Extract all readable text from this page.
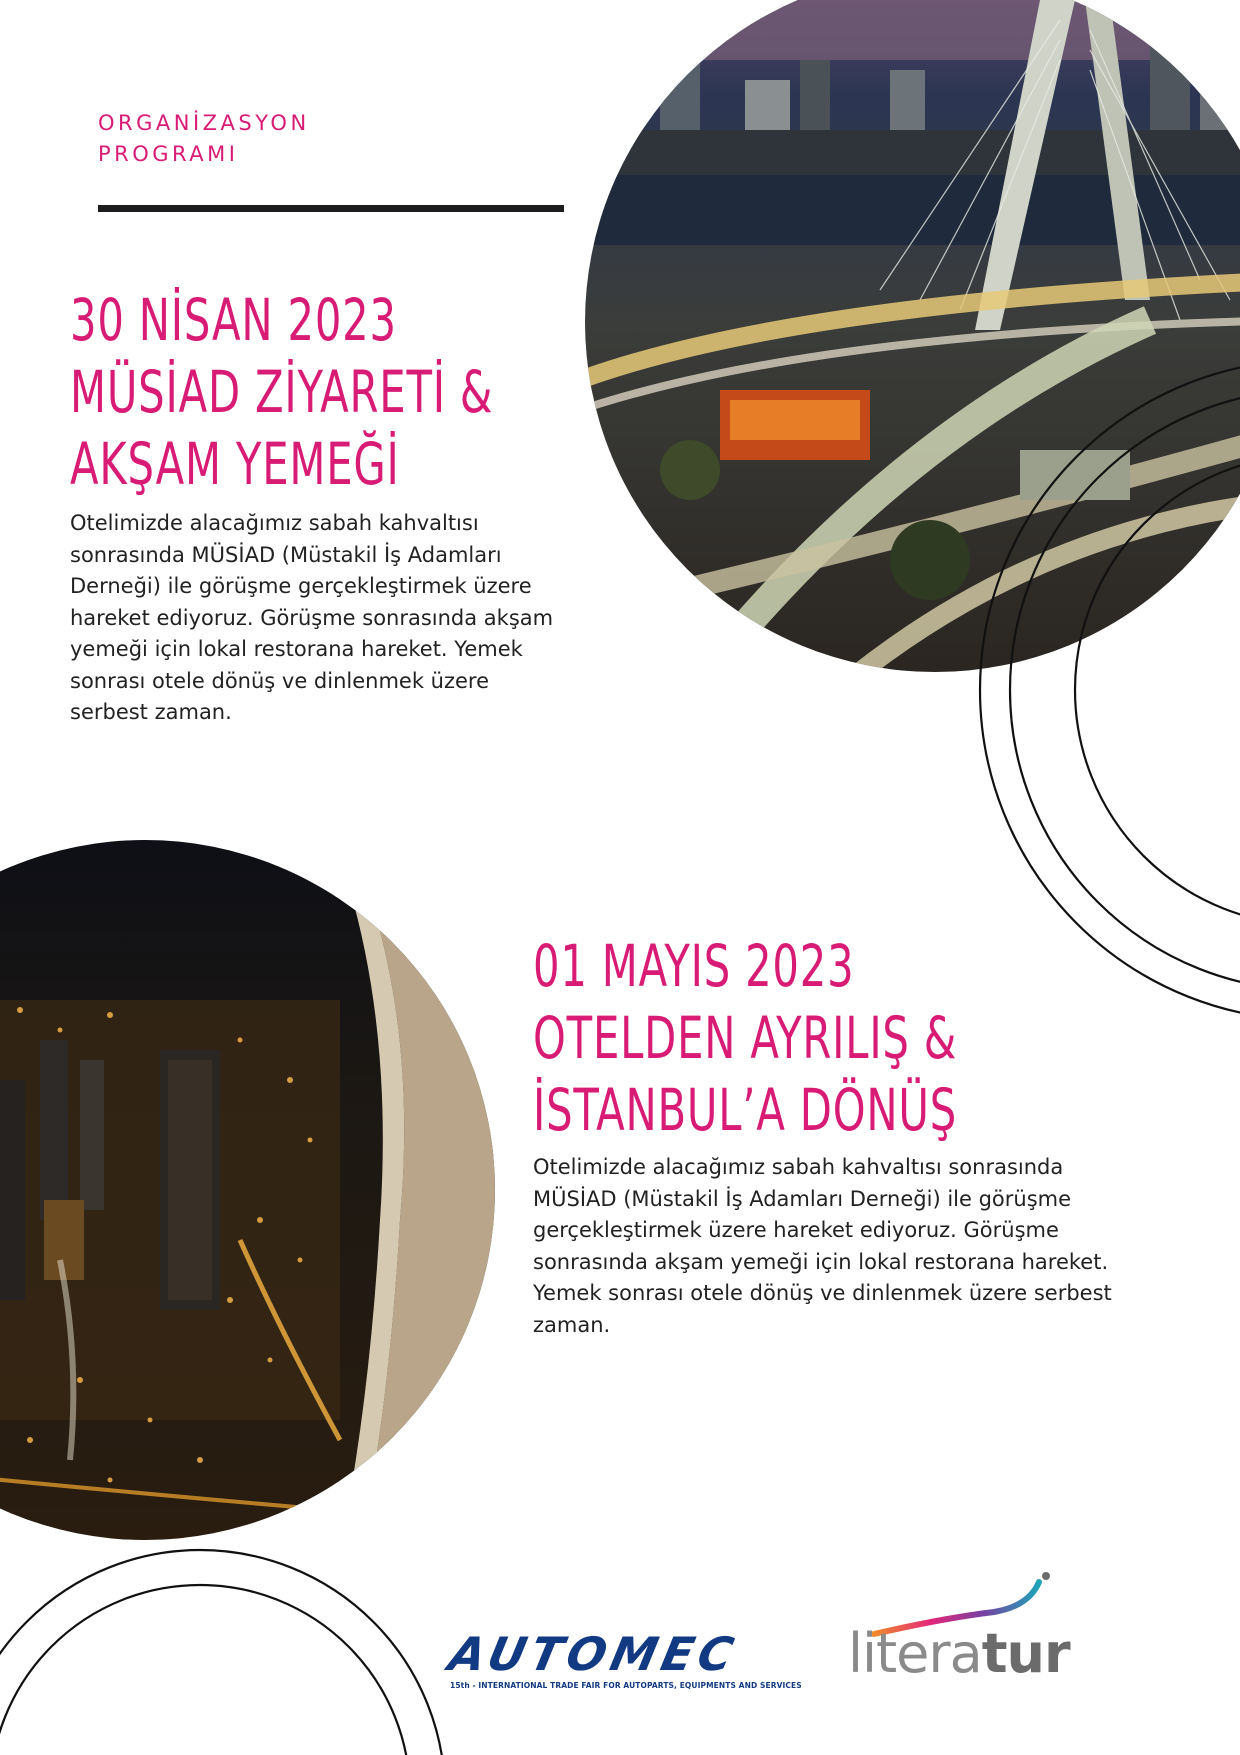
ORGANİZASYON
PROGRAMI
30 NİSAN 2023
MÜSİAD ZİYARETİ &
AKŞAM YEMEĞİ
Otelimizde alacağımız sabah kahvaltısı
sonrasında MÜSİAD (Müstakil İş Adamları
Derneği) ile görüşme gerçekleştirmek üzere
hareket ediyoruz. Görüşme sonrasında akşam
yemeği için lokal restorana hareket. Yemek
sonrası otele dönüş ve dinlenmek üzere
serbest zaman.
01 MAYIS 2023
OTELDEN AYRILIŞ &
İSTANBUL’A DÖNÜŞ
Otelimizde alacağımız sabah kahvaltısı sonrasında
MÜSİAD (Müstakil İş Adamları Derneği) ile görüşme
gerçekleştirmek üzere hareket ediyoruz. Görüşme
sonrasında akşam yemeği için lokal restorana hareket.
Yemek sonrası otele dönüş ve dinlenmek üzere serbest
zaman.
AUTOMEC
15th - INTERNATIONAL TRADE FAIR FOR AUTOPARTS, EQUIPMENTS AND SERVICES
literatur
